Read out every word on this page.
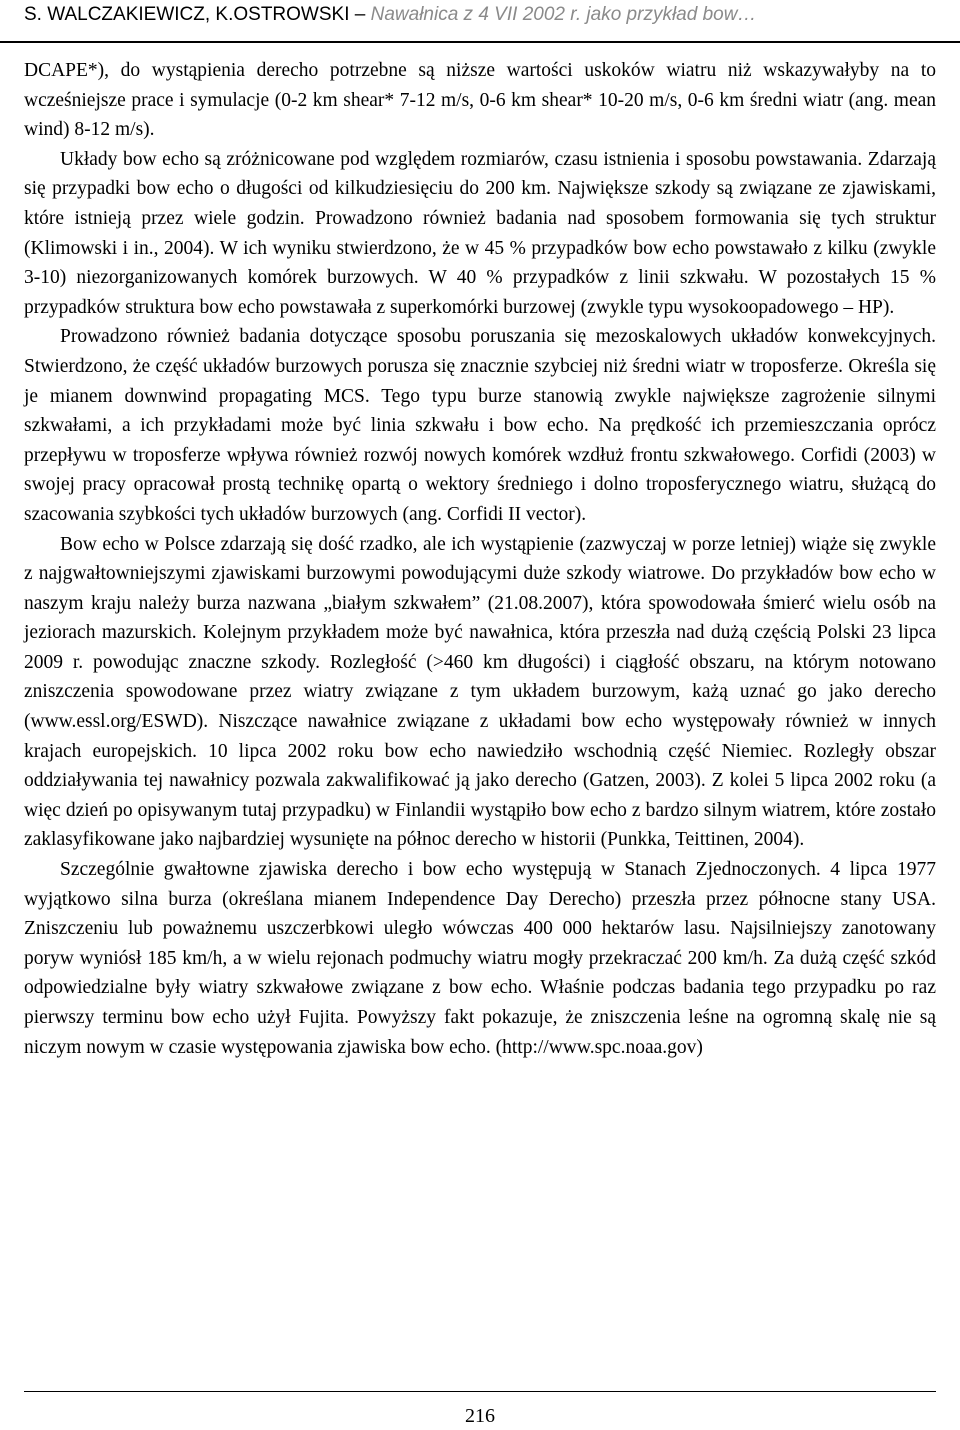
S. WALCZAKIEWICZ, K.OSTROWSKI – Nawałnica z 4 VII 2002 r. jako przykład bow…

DCAPE*), do wystąpienia derecho potrzebne są niższe wartości uskoków wiatru niż wskazywałyby na to wcześniejsze prace i symulacje (0-2 km shear* 7-12 m/s, 0-6 km shear* 10-20 m/s, 0-6 km średni wiatr (ang. mean wind) 8-12 m/s).

Układy bow echo są zróżnicowane pod względem rozmiarów, czasu istnienia i sposobu powstawania. Zdarzają się przypadki bow echo o długości od kilkudziesięciu do 200 km. Największe szkody są związane ze zjawiskami, które istnieją przez wiele godzin. Prowadzono również badania nad sposobem formowania się tych struktur (Klimowski i in., 2004). W ich wyniku stwierdzono, że w 45 % przypadków bow echo powstawało z kilku (zwykle 3-10) niezorganizowanych komórek burzowych. W 40 % przypadków z linii szkwału. W pozostałych 15 % przypadków struktura bow echo powstawała z superkomórki burzowej (zwykle typu wysokoopadowego – HP).

Prowadzono również badania dotyczące sposobu poruszania się mezoskalowych układów konwekcyjnych. Stwierdzono, że część układów burzowych porusza się znacznie szybciej niż średni wiatr w troposferze. Określa się je mianem downwind propagating MCS. Tego typu burze stanowią zwykle największe zagrożenie silnymi szkwałami, a ich przykładami może być linia szkwału i bow echo. Na prędkość ich przemieszczania oprócz przepływu w troposferze wpływa również rozwój nowych komórek wzdłuż frontu szkwałowego. Corfidi (2003) w swojej pracy opracował prostą technikę opartą o wektory średniego i dolno troposferycznego wiatru, służącą do szacowania szybkości tych układów burzowych (ang. Corfidi II vector).

Bow echo w Polsce zdarzają się dość rzadko, ale ich wystąpienie (zazwyczaj w porze letniej) wiąże się zwykle z najgwałtowniejszymi zjawiskami burzowymi powodującymi duże szkody wiatrowe. Do przykładów bow echo w naszym kraju należy burza nazwana „białym szkwałem” (21.08.2007), która spowodowała śmierć wielu osób na jeziorach mazurskich. Kolejnym przykładem może być nawałnica, która przeszła nad dużą częścią Polski 23 lipca 2009 r. powodując znaczne szkody. Rozległość (>460 km długości) i ciągłość obszaru, na którym notowano zniszczenia spowodowane przez wiatry związane z tym układem burzowym, każą uznać go jako derecho (www.essl.org/ESWD). Niszczące nawałnice związane z układami bow echo występowały również w innych krajach europejskich. 10 lipca 2002 roku bow echo nawiedziło wschodnią część Niemiec. Rozległy obszar oddziaływania tej nawałnicy pozwala zakwalifikować ją jako derecho (Gatzen, 2003). Z kolei 5 lipca 2002 roku (a więc dzień po opisywanym tutaj przypadku) w Finlandii wystąpiło bow echo z bardzo silnym wiatrem, które zostało zaklasyfikowane jako najbardziej wysunięte na północ derecho w historii (Punkka, Teittinen, 2004).

Szczególnie gwałtowne zjawiska derecho i bow echo występują w Stanach Zjednoczonych. 4 lipca 1977 wyjątkowo silna burza (określana mianem Independence Day Derecho) przeszła przez północne stany USA. Zniszczeniu lub poważnemu uszczerbkowi uległo wówczas 400 000 hektarów lasu. Najsilniejszy zanotowany poryw wyniósł 185 km/h, a w wielu rejonach podmuchy wiatru mogły przekraczać 200 km/h. Za dużą część szkód odpowiedzialne były wiatry szkwałowe związane z bow echo. Właśnie podczas badania tego przypadku po raz pierwszy terminu bow echo użył Fujita. Powyższy fakt pokazuje, że zniszczenia leśne na ogromną skalę nie są niczym nowym w czasie występowania zjawiska bow echo. (http://www.spc.noaa.gov)

216
